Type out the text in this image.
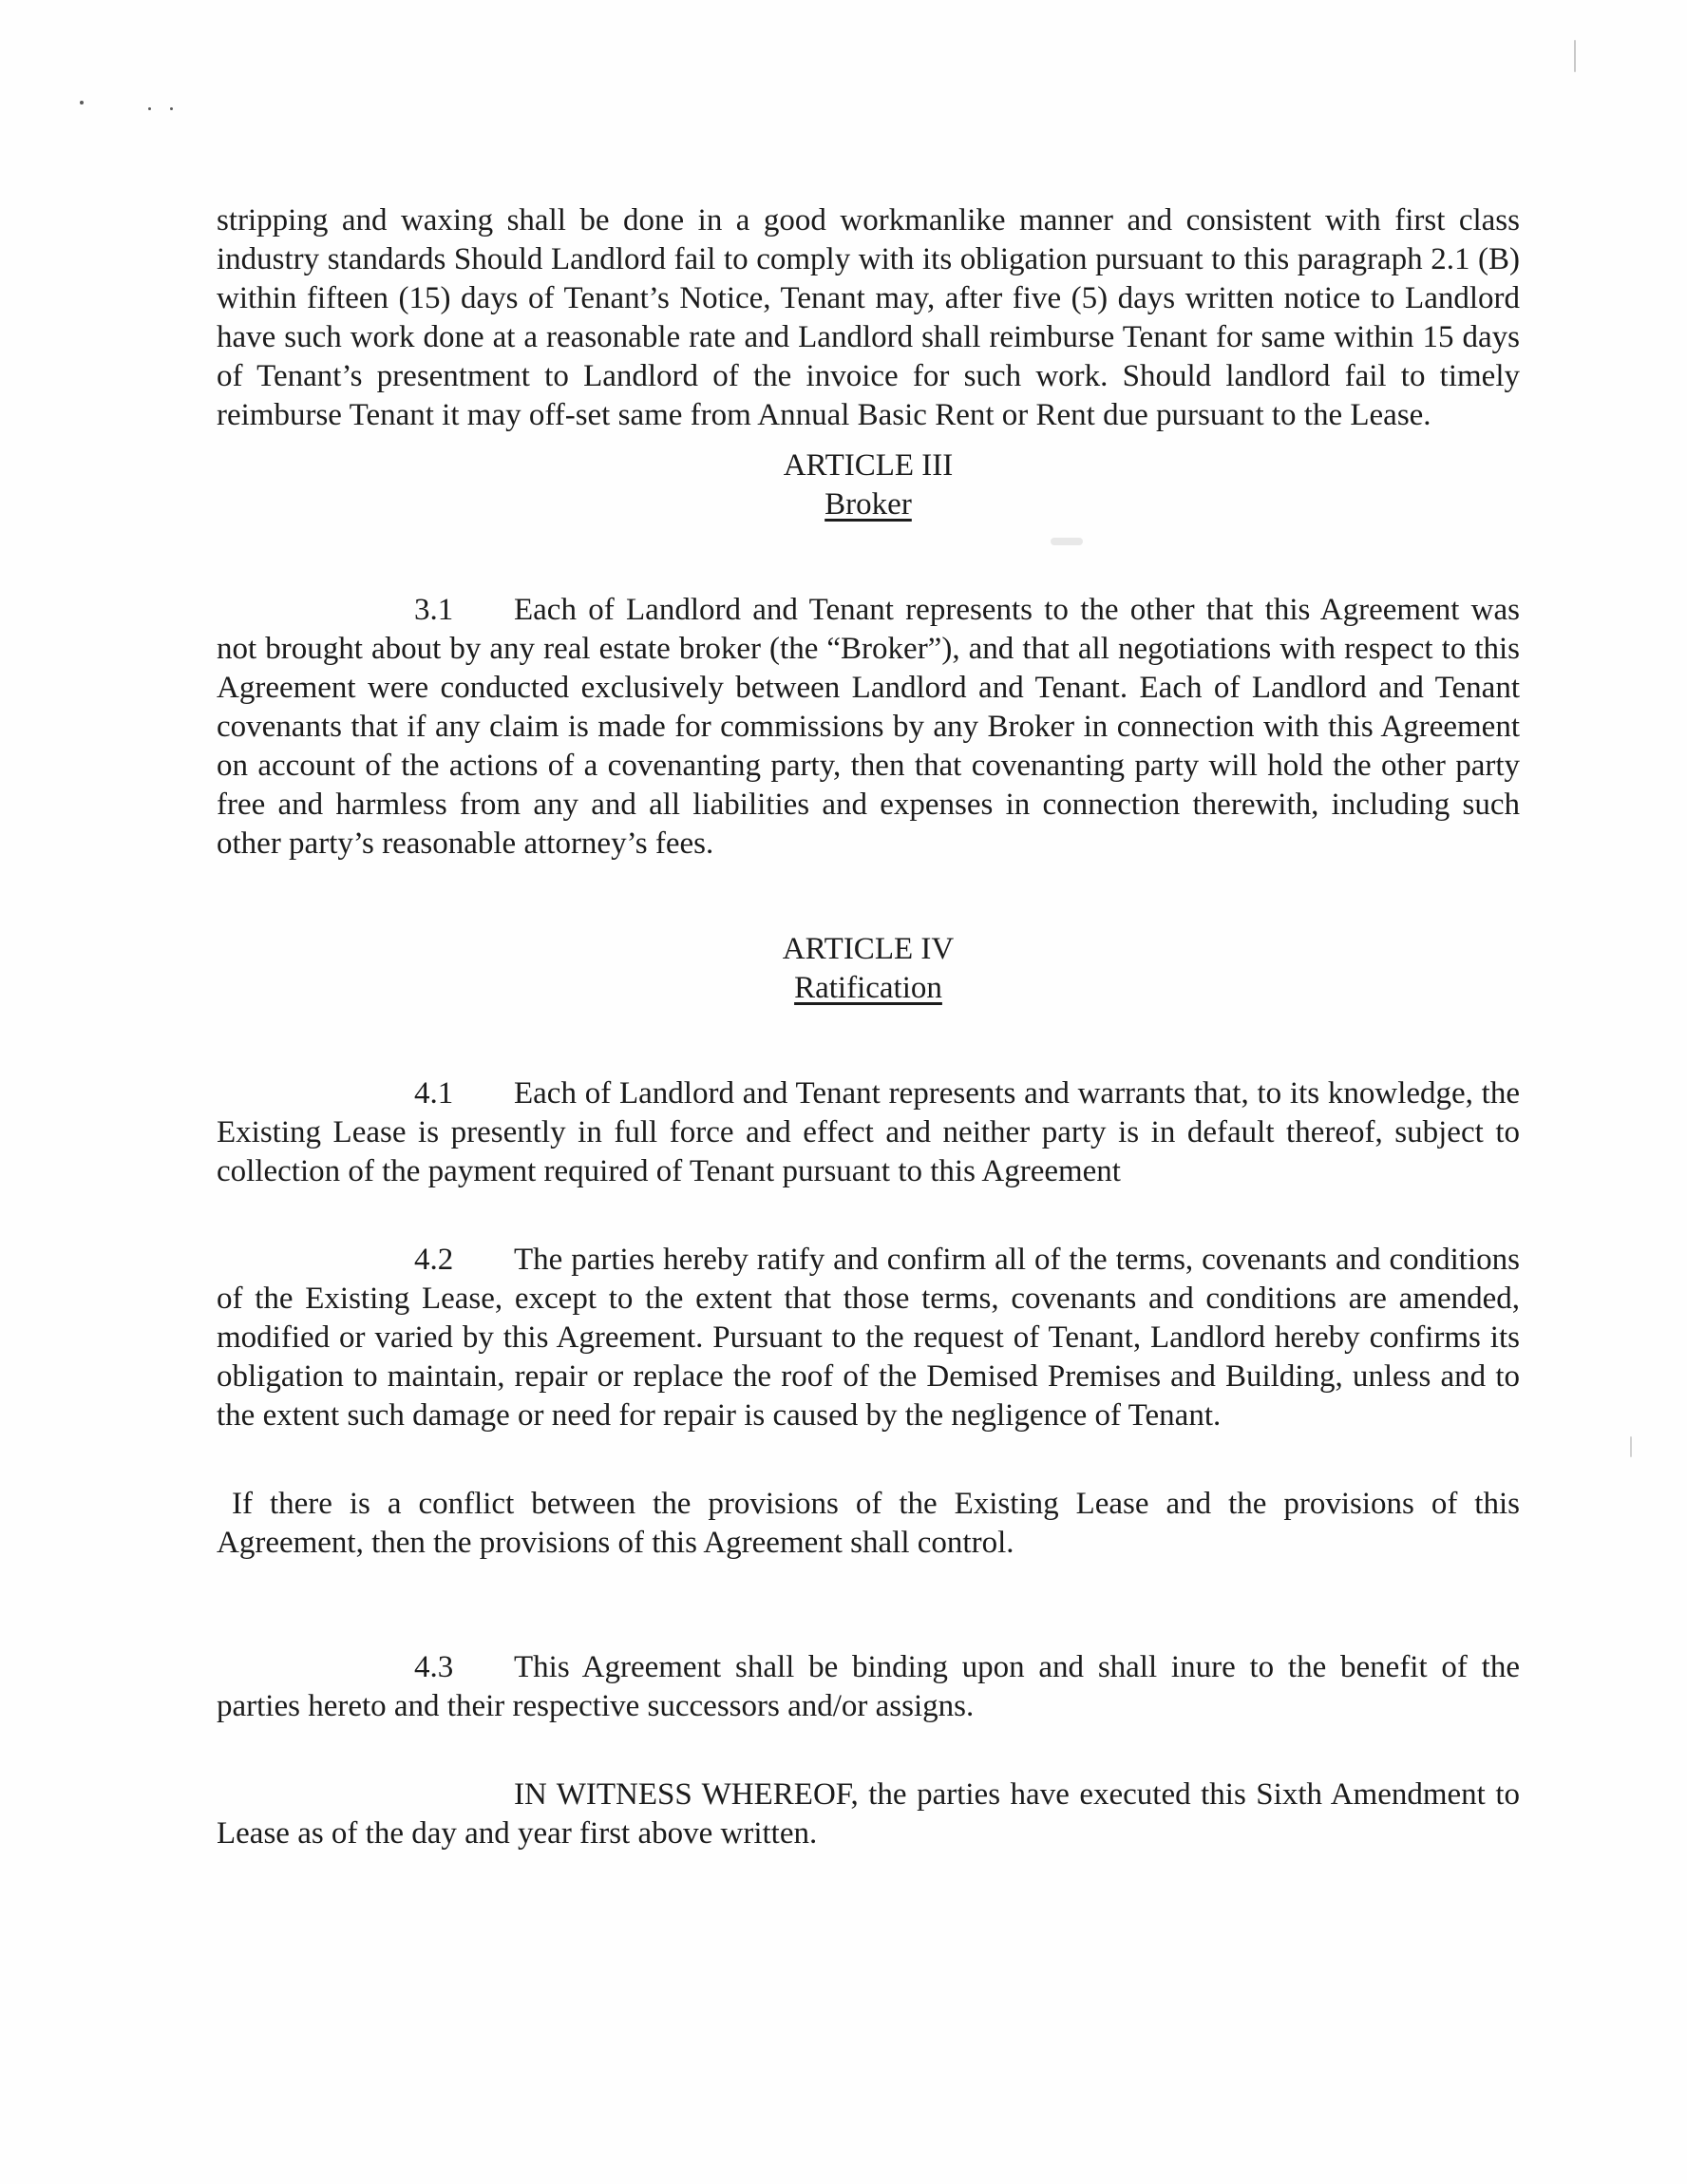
stripping and waxing shall be done in a good workmanlike manner and consistent with first class industry standards Should Landlord fail to comply with its obligation pursuant to this paragraph 2.1 (B) within fifteen (15) days of Tenant’s Notice, Tenant may, after five (5) days written notice to Landlord have such work done at a reasonable rate and Landlord shall reimburse Tenant for same within 15 days of Tenant’s presentment to Landlord of the invoice for such work. Should landlord fail to timely reimburse Tenant it may off-set same from Annual Basic Rent or Rent due pursuant to the Lease.

ARTICLE III
Broker

3.1 Each of Landlord and Tenant represents to the other that this Agreement was not brought about by any real estate broker (the “Broker”), and that all negotiations with respect to this Agreement were conducted exclusively between Landlord and Tenant. Each of Landlord and Tenant covenants that if any claim is made for commissions by any Broker in connection with this Agreement on account of the actions of a covenanting party, then that covenanting party will hold the other party free and harmless from any and all liabilities and expenses in connection therewith, including such other party’s reasonable attorney’s fees.

ARTICLE IV
Ratification

4.1 Each of Landlord and Tenant represents and warrants that, to its knowledge, the Existing Lease is presently in full force and effect and neither party is in default thereof, subject to collection of the payment required of Tenant pursuant to this Agreement

4.2 The parties hereby ratify and confirm all of the terms, covenants and conditions of the Existing Lease, except to the extent that those terms, covenants and conditions are amended, modified or varied by this Agreement. Pursuant to the request of Tenant, Landlord hereby confirms its obligation to maintain, repair or replace the roof of the Demised Premises and Building, unless and to the extent such damage or need for repair is caused by the negligence of Tenant.

If there is a conflict between the provisions of the Existing Lease and the provisions of this Agreement, then the provisions of this Agreement shall control.

4.3 This Agreement shall be binding upon and shall inure to the benefit of the parties hereto and their respective successors and/or assigns.

IN WITNESS WHEREOF, the parties have executed this Sixth Amendment to Lease as of the day and year first above written.
